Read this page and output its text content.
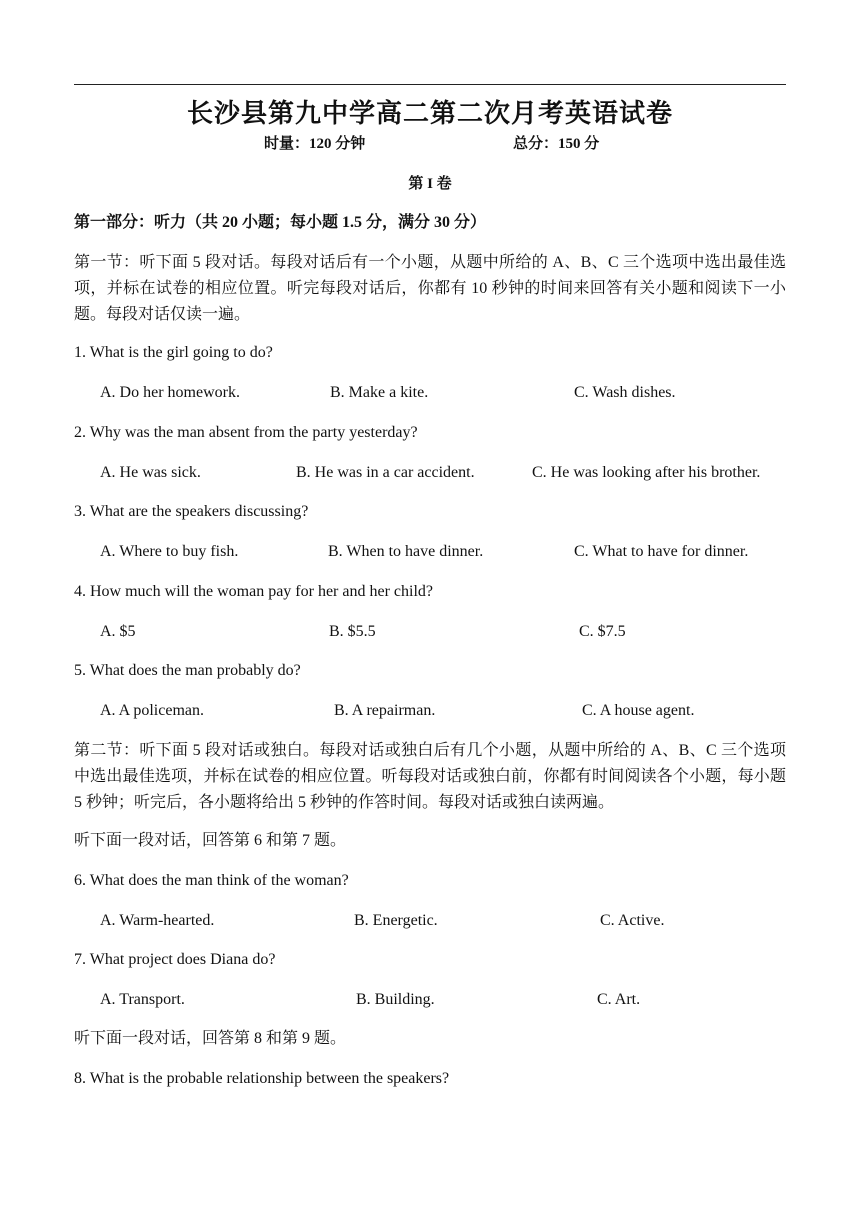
长沙县第九中学高二第二次月考英语试卷
时量：120 分钟	总分：150 分
第 I 卷
第一部分：听力（共 20 小题；每小题 1.5 分，满分 30 分）
第一节：听下面 5 段对话。每段对话后有一个小题，从题中所给的 A、B、C 三个选项中选出最佳选项，并标在试卷的相应位置。听完每段对话后，你都有 10 秒钟的时间来回答有关小题和阅读下一小题。每段对话仅读一遍。
1. What is the girl going to do?
A. Do her homework.	B. Make a kite.	C. Wash dishes.
2. Why was the man absent from the party yesterday?
A. He was sick.	B. He was in a car accident.	C. He was looking after his brother.
3. What are the speakers discussing?
A. Where to buy fish.	B. When to have dinner.	C. What to have for dinner.
4. How much will the woman pay for her and her child?
A. $5	B. $5.5	C. $7.5
5. What does the man probably do?
A. A policeman.	B. A repairman.	C. A house agent.
第二节：听下面 5 段对话或独白。每段对话或独白后有几个小题，从题中所给的 A、B、C 三个选项中选出最佳选项，并标在试卷的相应位置。听每段对话或独白前，你都有时间阅读各个小题，每小题 5 秒钟；听完后，各小题将给出 5 秒钟的作答时间。每段对话或独白读两遍。
听下面一段对话，回答第 6 和第 7 题。
6. What does the man think of the woman?
A. Warm-hearted.	B. Energetic.	C. Active.
7. What project does Diana do?
A. Transport.	B. Building.	C. Art.
听下面一段对话，回答第 8 和第 9 题。
8. What is the probable relationship between the speakers?
